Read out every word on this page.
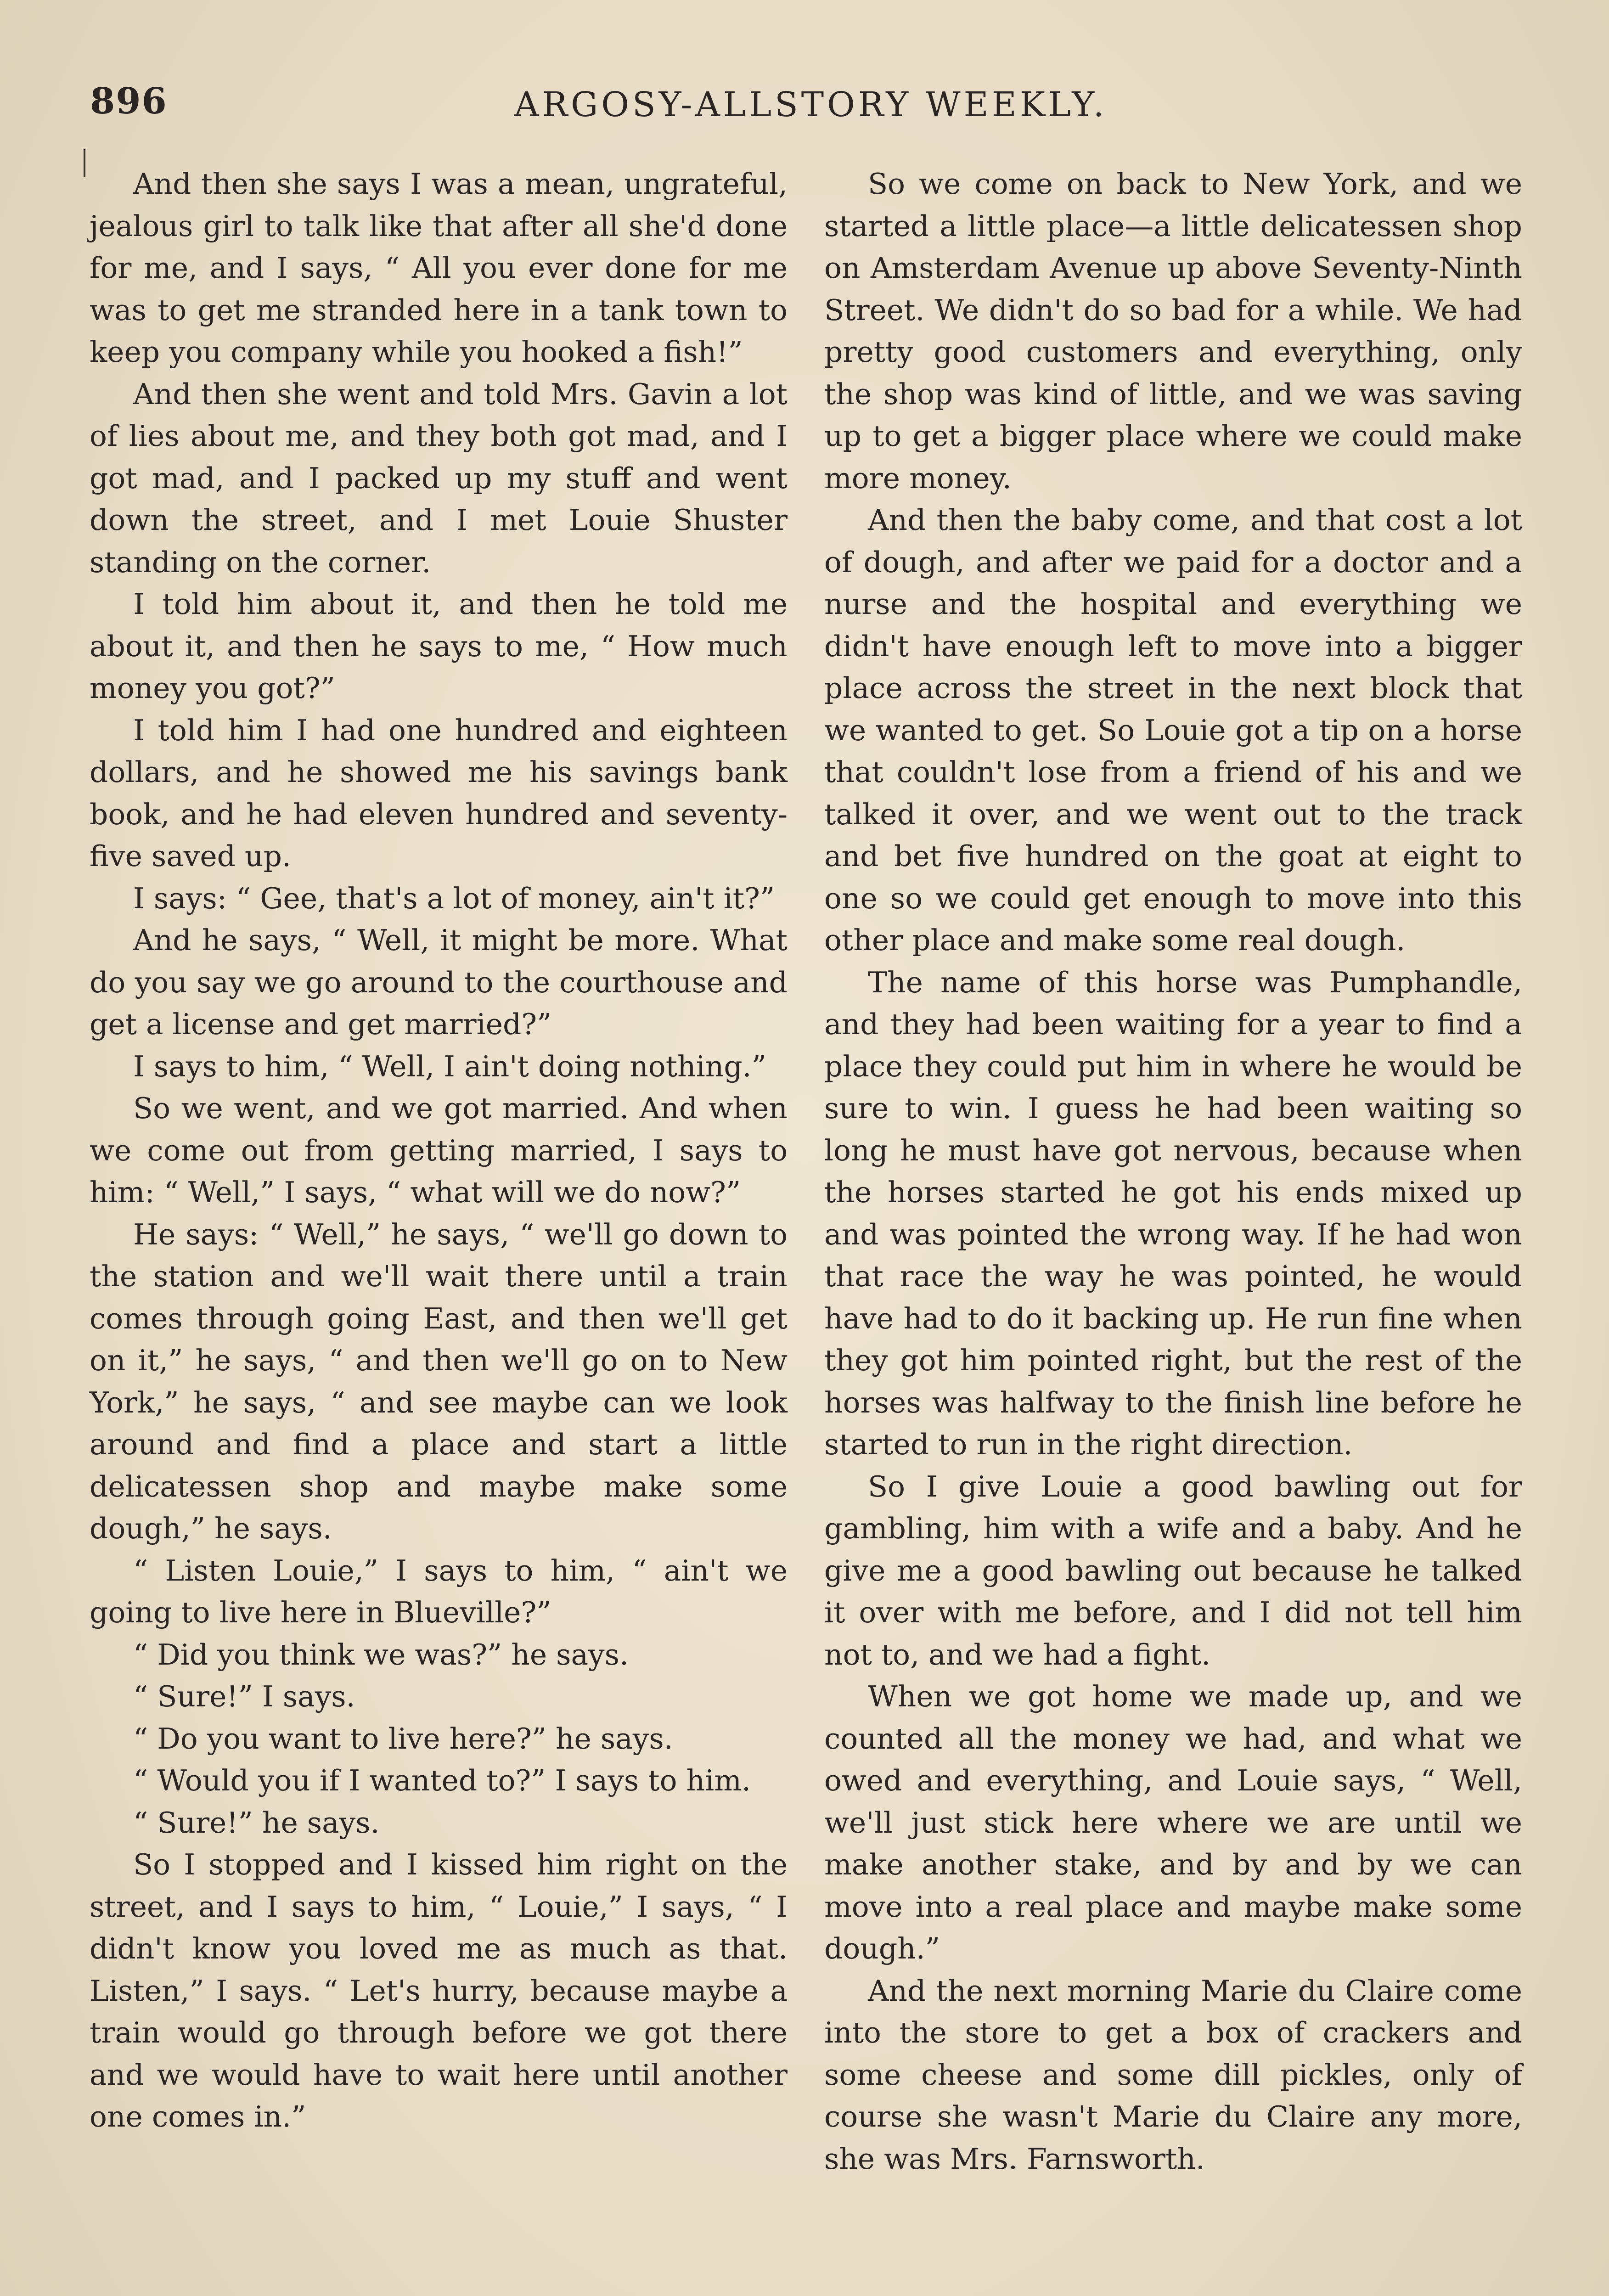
896	ARGOSY-ALLSTORY WEEKLY.

And then she says I was a mean, ungrateful, jealous girl to talk like that after all she'd done for me, and I says, “ All you ever done for me was to get me stranded here in a tank town to keep you company while you hooked a fish!”

And then she went and told Mrs. Gavin a lot of lies about me, and they both got mad, and I got mad, and I packed up my stuff and went down the street, and I met Louie Shuster standing on the corner.

I told him about it, and then he told me about it, and then he says to me, “ How much money you got?”

I told him I had one hundred and eighteen dollars, and he showed me his savings bank book, and he had eleven hundred and seventy-five saved up.

I says: “ Gee, that's a lot of money, ain't it?”

And he says, “ Well, it might be more. What do you say we go around to the courthouse and get a license and get married?”

I says to him, “ Well, I ain't doing nothing.”

So we went, and we got married. And when we come out from getting married, I says to him: “ Well,” I says, “ what will we do now?”

He says: “ Well,” he says, “ we'll go down to the station and we'll wait there until a train comes through going East, and then we'll get on it,” he says, “ and then we'll go on to New York,” he says, “ and see maybe can we look around and find a place and start a little delicatessen shop and maybe make some dough,” he says.

“ Listen Louie,” I says to him, “ ain't we going to live here in Blueville?”

“ Did you think we was?” he says.

“ Sure!” I says.

“ Do you want to live here?” he says.

“ Would you if I wanted to?” I says to him.

“ Sure!” he says.

So I stopped and I kissed him right on the street, and I says to him, “ Louie,” I says, “ I didn't know you loved me as much as that. Listen,” I says. “ Let's hurry, because maybe a train would go through before we got there and we would have to wait here until another one comes in.”

So we come on back to New York, and we started a little place—a little delicatessen shop on Amsterdam Avenue up above Seventy-Ninth Street. We didn't do so bad for a while. We had pretty good customers and everything, only the shop was kind of little, and we was saving up to get a bigger place where we could make more money.

And then the baby come, and that cost a lot of dough, and after we paid for a doctor and a nurse and the hospital and everything we didn't have enough left to move into a bigger place across the street in the next block that we wanted to get. So Louie got a tip on a horse that couldn't lose from a friend of his and we talked it over, and we went out to the track and bet five hundred on the goat at eight to one so we could get enough to move into this other place and make some real dough.

The name of this horse was Pumphandle, and they had been waiting for a year to find a place they could put him in where he would be sure to win. I guess he had been waiting so long he must have got nervous, because when the horses started he got his ends mixed up and was pointed the wrong way. If he had won that race the way he was pointed, he would have had to do it backing up. He run fine when they got him pointed right, but the rest of the horses was halfway to the finish line before he started to run in the right direction.

So I give Louie a good bawling out for gambling, him with a wife and a baby. And he give me a good bawling out because he talked it over with me before, and I did not tell him not to, and we had a fight.

When we got home we made up, and we counted all the money we had, and what we owed and everything, and Louie says, “ Well, we'll just stick here where we are until we make another stake, and by and by we can move into a real place and maybe make some dough.”

And the next morning Marie du Claire come into the store to get a box of crackers and some cheese and some dill pickles, only of course she wasn't Marie du Claire any more, she was Mrs. Farnsworth.
